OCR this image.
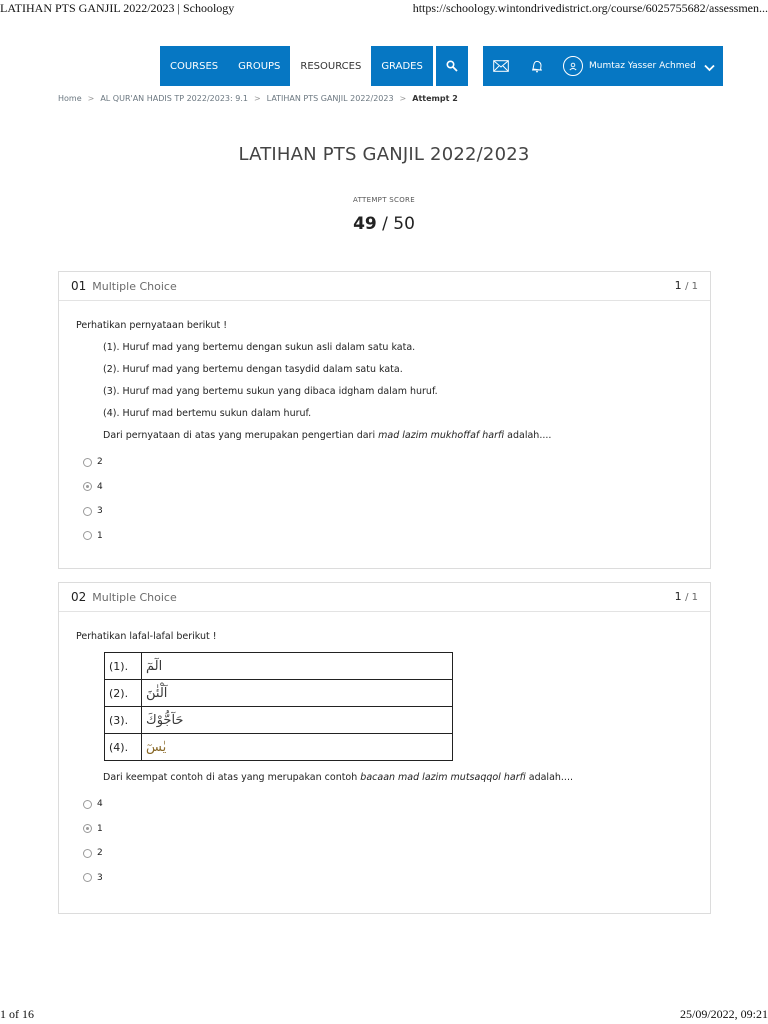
LATIHAN PTS GANJIL 2022/2023 | Schoology	https://schoology.wintondrivedistrict.org/course/6025755682/assessmen...
COURSES	GROUPS	RESOURCES	GRADES	Mumtaz Yasser Achmed
Home > AL QUR'AN HADIS TP 2022/2023: 9.1 > LATIHAN PTS GANJIL 2022/2023 > Attempt 2
LATIHAN PTS GANJIL 2022/2023
ATTEMPT SCORE
49 / 50
01 Multiple Choice	1 / 1
Perhatikan pernyataan berikut !
(1). Huruf mad yang bertemu dengan sukun asli dalam satu kata.
(2). Huruf mad yang bertemu dengan tasydid dalam satu kata.
(3). Huruf mad yang bertemu sukun yang dibaca idgham dalam huruf.
(4). Huruf mad bertemu sukun dalam huruf.
Dari pernyataan di atas yang merupakan pengertian dari mad lazim mukhoffaf harfi adalah....
2
4
3
1
02 Multiple Choice	1 / 1
Perhatikan lafal-lafal berikut !
(1).	الٓمٓ
(2).	آلْئٰنَ
(3).	حَآجُّوْكَ
(4).	يٰسٓ
Dari keempat contoh di atas yang merupakan contoh bacaan mad lazim mutsaqqol harfi adalah....
4
1
2
3
1 of 16	25/09/2022, 09:21
